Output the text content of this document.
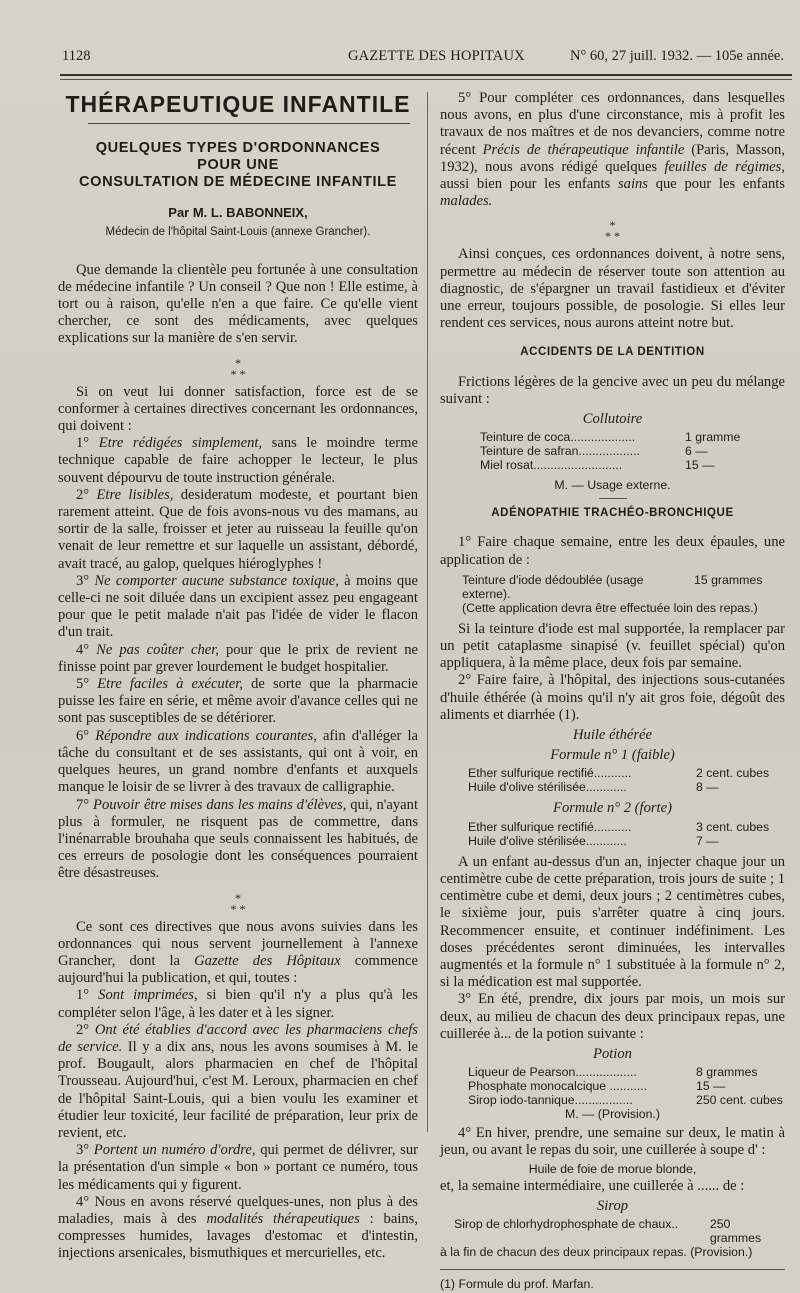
1128	GAZETTE DES HOPITAUX	N° 60, 27 juill. 1932. — 105e année.
THÉRAPEUTIQUE INFANTILE
QUELQUES TYPES D'ORDONNANCES
POUR UNE
CONSULTATION DE MÉDECINE INFANTILE
Par M. L. BABONNEIX,
Médecin de l'hôpital Saint-Louis (annexe Grancher).

Que demande la clientèle peu fortunée à une consultation de médecine infantile ? Un conseil ? Que non ! Elle estime, à tort ou à raison, qu'elle n'en a que faire. Ce qu'elle vient chercher, ce sont des médicaments, avec quelques explications sur la manière de s'en servir.

*
* *

Si on veut lui donner satisfaction, force est de se conformer à certaines directives concernant les ordonnances, qui doivent :

1° Etre rédigées simplement, sans le moindre terme technique capable de faire achopper le lecteur, le plus souvent dépourvu de toute instruction générale.

2° Etre lisibles, desideratum modeste, et pourtant bien rarement atteint. Que de fois avons-nous vu des mamans, au sortir de la salle, froisser et jeter au ruisseau la feuille qu'on venait de leur remettre et sur laquelle un assistant, débordé, avait tracé, au galop, quelques hiéroglyphes !

3° Ne comporter aucune substance toxique, à moins que celle-ci ne soit diluée dans un excipient assez peu engageant pour que le petit malade n'ait pas l'idée de vider le flacon d'un trait.

4° Ne pas coûter cher, pour que le prix de revient ne finisse point par grever lourdement le budget hospitalier.

5° Etre faciles à exécuter, de sorte que la pharmacie puisse les faire en série, et même avoir d'avance celles qui ne sont pas susceptibles de se détériorer.

6° Répondre aux indications courantes, afin d'alléger la tâche du consultant et de ses assistants, qui ont à voir, en quelques heures, un grand nombre d'enfants et auxquels manque le loisir de se livrer à des travaux de calligraphie.

7° Pouvoir être mises dans les mains d'élèves, qui, n'ayant plus à formuler, ne risquent pas de commettre, dans l'inénarrable brouhaha que seuls connaissent les habitués, de ces erreurs de posologie dont les conséquences pourraient être désastreuses.

*
* *

Ce sont ces directives que nous avons suivies dans les ordonnances qui nous servent journellement à l'annexe Grancher, dont la Gazette des Hôpitaux commence aujourd'hui la publication, et qui, toutes :

1° Sont imprimées, si bien qu'il n'y a plus qu'à les compléter selon l'âge, à les dater et à les signer.

2° Ont été établies d'accord avec les pharmaciens chefs de service. Il y a dix ans, nous les avons soumises à M. le prof. Bougault, alors pharmacien en chef de l'hôpital Trousseau. Aujourd'hui, c'est M. Leroux, pharmacien en chef de l'hôpital Saint-Louis, qui a bien voulu les examiner et étudier leur toxicité, leur facilité de préparation, leur prix de revient, etc.

3° Portent un numéro d'ordre, qui permet de délivrer, sur la présentation d'un simple « bon » portant ce numéro, tous les médicaments qui y figurent.

4° Nous en avons réservé quelques-unes, non plus à des maladies, mais à des modalités thérapeutiques : bains, compresses humides, lavages d'estomac et d'intestin, injections arsenicales, bismuthiques et mercurielles, etc.

5° Pour compléter ces ordonnances, dans lesquelles nous avons, en plus d'une circonstance, mis à profit les travaux de nos maîtres et de nos devanciers, comme notre récent Précis de thérapeutique infantile (Paris, Masson, 1932), nous avons rédigé quelques feuilles de régimes, aussi bien pour les enfants sains que pour les enfants malades.

*
* *

Ainsi conçues, ces ordonnances doivent, à notre sens, permettre au médecin de réserver toute son attention au diagnostic, de s'épargner un travail fastidieux et d'éviter une erreur, toujours possible, de posologie. Si elles leur rendent ces services, nous aurons atteint notre but.

ACCIDENTS DE LA DENTITION

Frictions légères de la gencive avec un peu du mélange suivant :

Collutoire
Teinture de coca...................	1 gramme
Teinture de safran..................	6 —
Miel rosat..........................	15 —
M. — Usage externe.
ADÉNOPATHIE TRACHÉO-BRONCHIQUE

1° Faire chaque semaine, entre les deux épaules, une application de :

Teinture d'iode dédoublée (usage externe).
15 grammes
(Cette application devra être effectuée loin des repas.)

Si la teinture d'iode est mal supportée, la remplacer par un petit cataplasme sinapisé (v. feuillet spécial) qu'on appliquera, à la même place, deux fois par semaine.

2° Faire faire, à l'hôpital, des injections sous-cutanées d'huile éthérée (à moins qu'il n'y ait gros foie, dégoût des aliments et diarrhée (1).

Huile éthérée
Formule n° 1 (faible)
Ether sulfurique rectifié...........	2 cent. cubes
Huile d'olive stérilisée............	8 —
Formule n° 2 (forte)
Ether sulfurique rectifié...........	3 cent. cubes
Huile d'olive stérilisée............	7 —

A un enfant au-dessus d'un an, injecter chaque jour un centimètre cube de cette préparation, trois jours de suite ; 1 centimètre cube et demi, deux jours ; 2 centimètres cubes, le sixième jour, puis s'arrêter quatre à cinq jours. Recommencer ensuite, et continuer indéfiniment. Les doses précédentes seront diminuées, les intervalles augmentés et la formule n° 1 substituée à la formule n° 2, si la médication est mal supportée.

3° En été, prendre, dix jours par mois, un mois sur deux, au milieu de chacun des deux principaux repas, une cuillerée à... de la potion suivante :

Potion
Liqueur de Pearson..................	8 grammes
Phosphate monocalcique ...........	15 —
Sirop iodo-tannique.................	250 cent. cubes
M. — (Provision.)

4° En hiver, prendre, une semaine sur deux, le matin à jeun, ou avant le repas du soir, une cuillerée à soupe d' :

Huile de foie de morue blonde,

et, la semaine intermédiaire, une cuillerée à ...... de :

Sirop
Sirop de chlorhydrophosphate de chaux..	250 grammes
à la fin de chacun des deux principaux repas. (Provision.)
(1) Formule du prof. Marfan.
